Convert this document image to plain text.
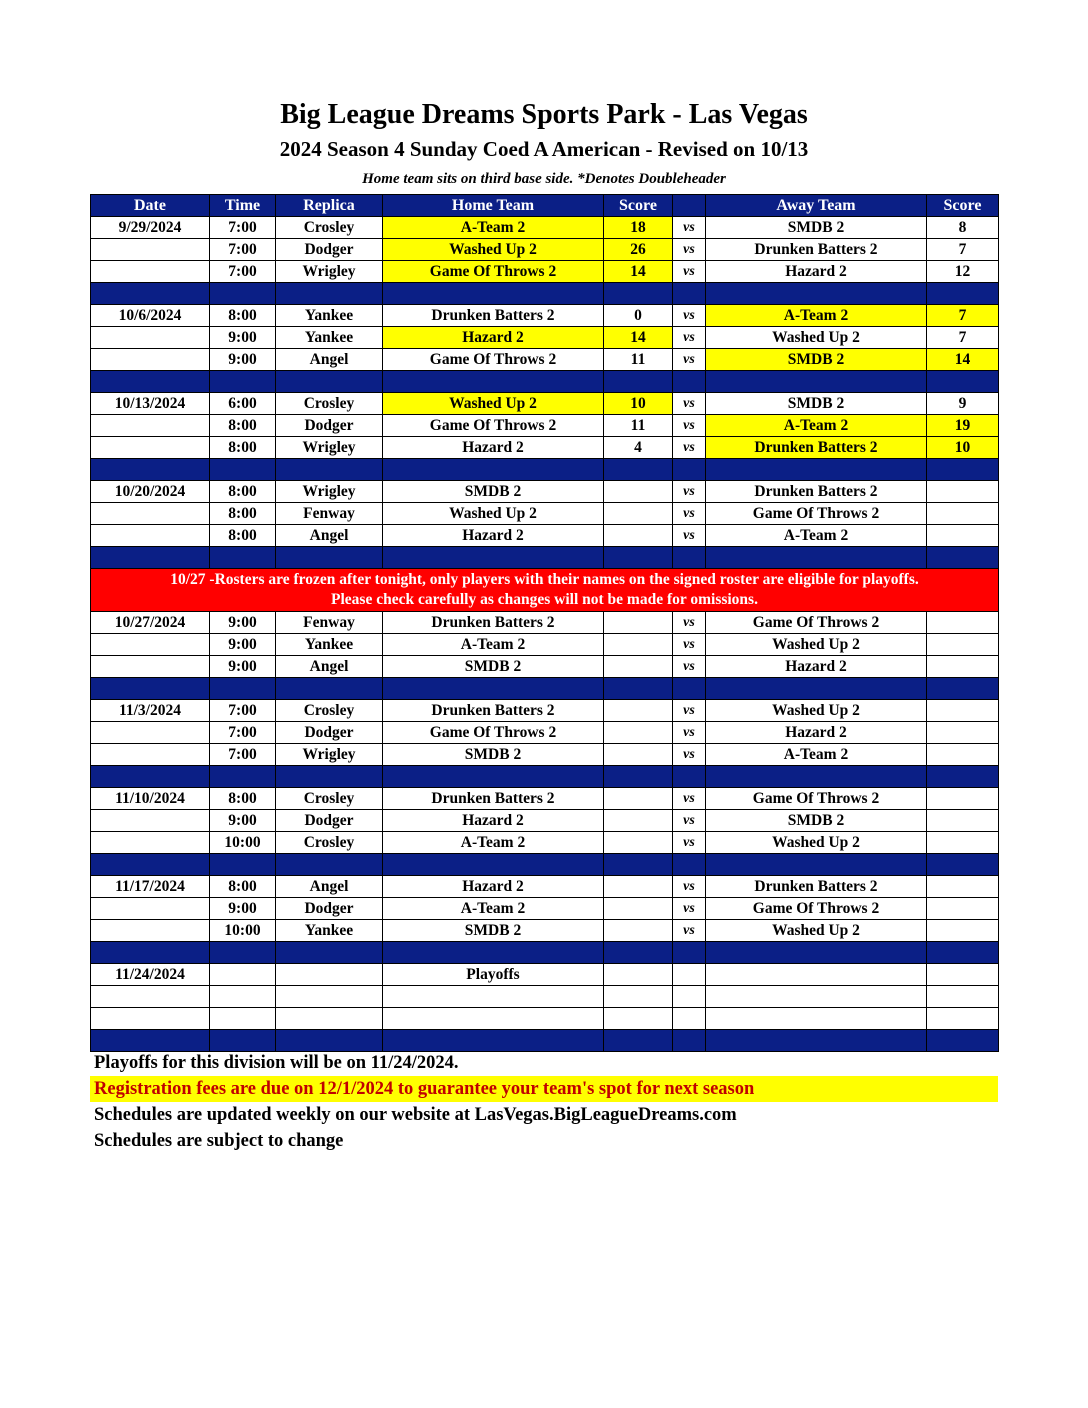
Big League Dreams Sports Park - Las Vegas
2024 Season 4 Sunday Coed A American - Revised on 10/13
Home team sits on third base side. *Denotes Doubleheader
Date	Time	Replica	Home Team	Score		Away Team	Score
9/29/2024	7:00	Crosley	A-Team 2	18	vs	SMDB 2	8
	7:00	Dodger	Washed Up 2	26	vs	Drunken Batters 2	7
	7:00	Wrigley	Game Of Throws 2	14	vs	Hazard 2	12

10/6/2024	8:00	Yankee	Drunken Batters 2	0	vs	A-Team 2	7
	9:00	Yankee	Hazard 2	14	vs	Washed Up 2	7
	9:00	Angel	Game Of Throws 2	11	vs	SMDB 2	14

10/13/2024	6:00	Crosley	Washed Up 2	10	vs	SMDB 2	9
	8:00	Dodger	Game Of Throws 2	11	vs	A-Team 2	19
	8:00	Wrigley	Hazard 2	4	vs	Drunken Batters 2	10

10/20/2024	8:00	Wrigley	SMDB 2		vs	Drunken Batters 2	
	8:00	Fenway	Washed Up 2		vs	Game Of Throws 2	
	8:00	Angel	Hazard 2		vs	A-Team 2	

10/27 -Rosters are frozen after tonight, only players with their names on the signed roster are eligible for playoffs.
Please check carefully as changes will not be made for omissions.							

10/27/2024	9:00	Fenway	Drunken Batters 2		vs	Game Of Throws 2	
	9:00	Yankee	A-Team 2		vs	Washed Up 2	
	9:00	Angel	SMDB 2		vs	Hazard 2	

11/3/2024	7:00	Crosley	Drunken Batters 2		vs	Washed Up 2	
	7:00	Dodger	Game Of Throws 2		vs	Hazard 2	
	7:00	Wrigley	SMDB 2		vs	A-Team 2	

11/10/2024	8:00	Crosley	Drunken Batters 2		vs	Game Of Throws 2	
	9:00	Dodger	Hazard 2		vs	SMDB 2	
	10:00	Crosley	A-Team 2		vs	Washed Up 2	

11/17/2024	8:00	Angel	Hazard 2		vs	Drunken Batters 2	
	9:00	Dodger	A-Team 2		vs	Game Of Throws 2	
	10:00	Yankee	SMDB 2		vs	Washed Up 2	

11/24/2024			Playoffs				

Playoffs for this division will be on 11/24/2024.
Registration fees are due on 12/1/2024 to guarantee your team's spot for next season
Schedules are updated weekly on our website at LasVegas.BigLeagueDreams.com
Schedules are subject to change
